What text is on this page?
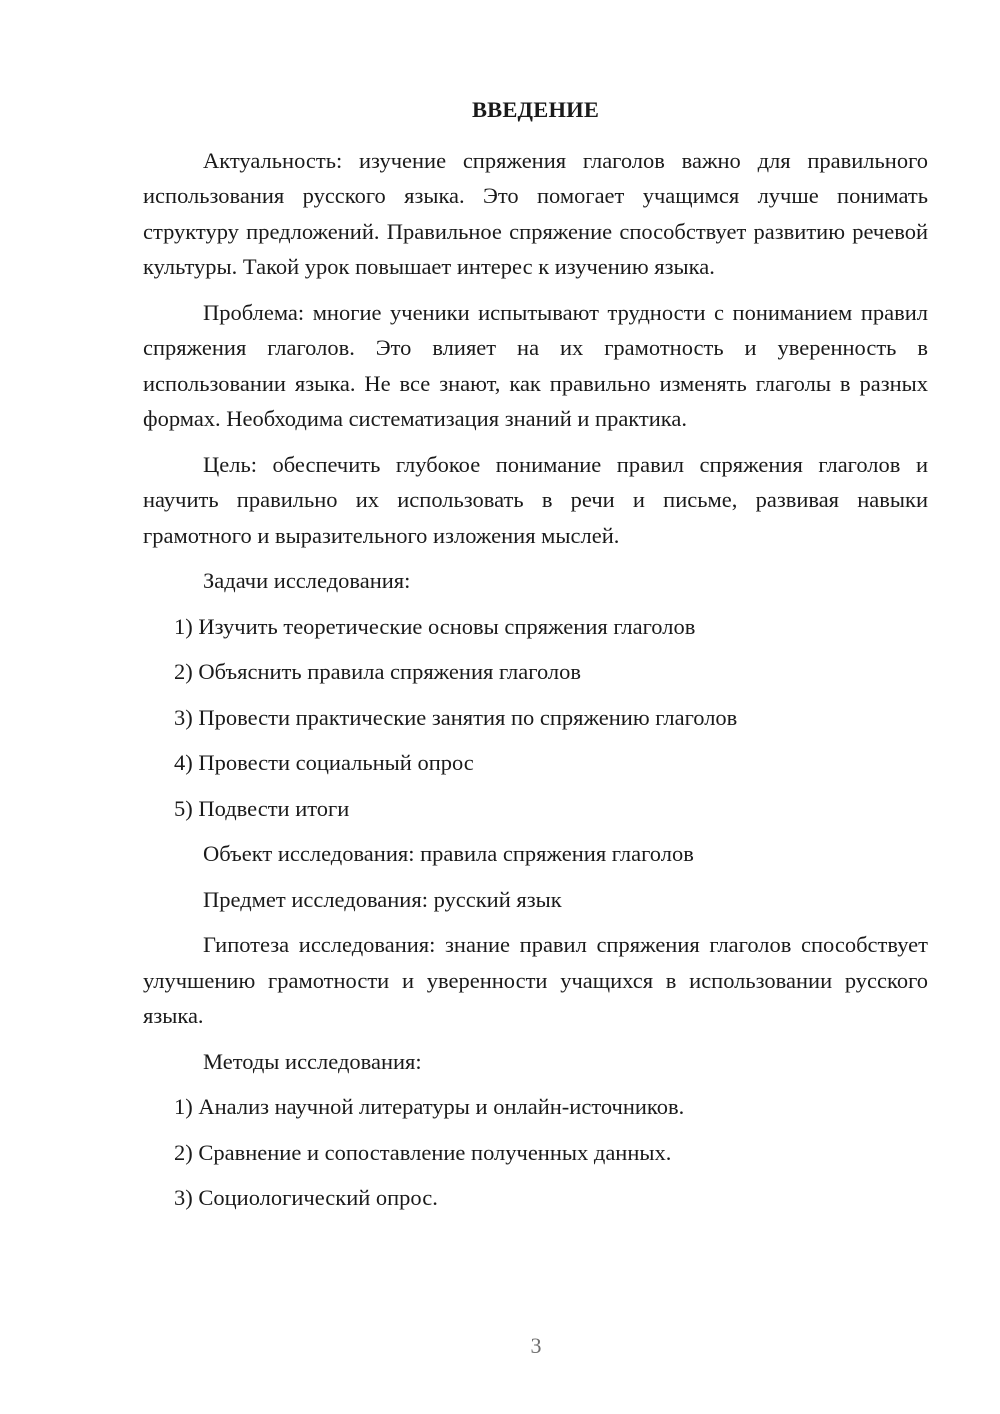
ВВЕДЕНИЕ

Актуальность: изучение спряжения глаголов важно для правильного использования русского языка. Это помогает учащимся лучше понимать структуру предложений. Правильное спряжение способствует развитию речевой культуры. Такой урок повышает интерес к изучению языка.

Проблема: многие ученики испытывают трудности с пониманием правил спряжения глаголов. Это влияет на их грамотность и уверенность в использовании языка. Не все знают, как правильно изменять глаголы в разных формах. Необходима систематизация знаний и практика.

Цель: обеспечить глубокое понимание правил спряжения глаголов и научить правильно их использовать в речи и письме, развивая навыки грамотного и выразительного изложения мыслей.

Задачи исследования:
1) Изучить теоретические основы спряжения глаголов
2) Объяснить правила спряжения глаголов
3) Провести практические занятия по спряжению глаголов
4) Провести социальный опрос
5) Подвести итоги
Объект исследования: правила спряжения глаголов
Предмет исследования: русский язык

Гипотеза исследования: знание правил спряжения глаголов способствует улучшению грамотности и уверенности учащихся в использовании русского языка.

Методы исследования:
1) Анализ научной литературы и онлайн-источников.
2) Сравнение и сопоставление полученных данных.
3) Социологический опрос.
3
